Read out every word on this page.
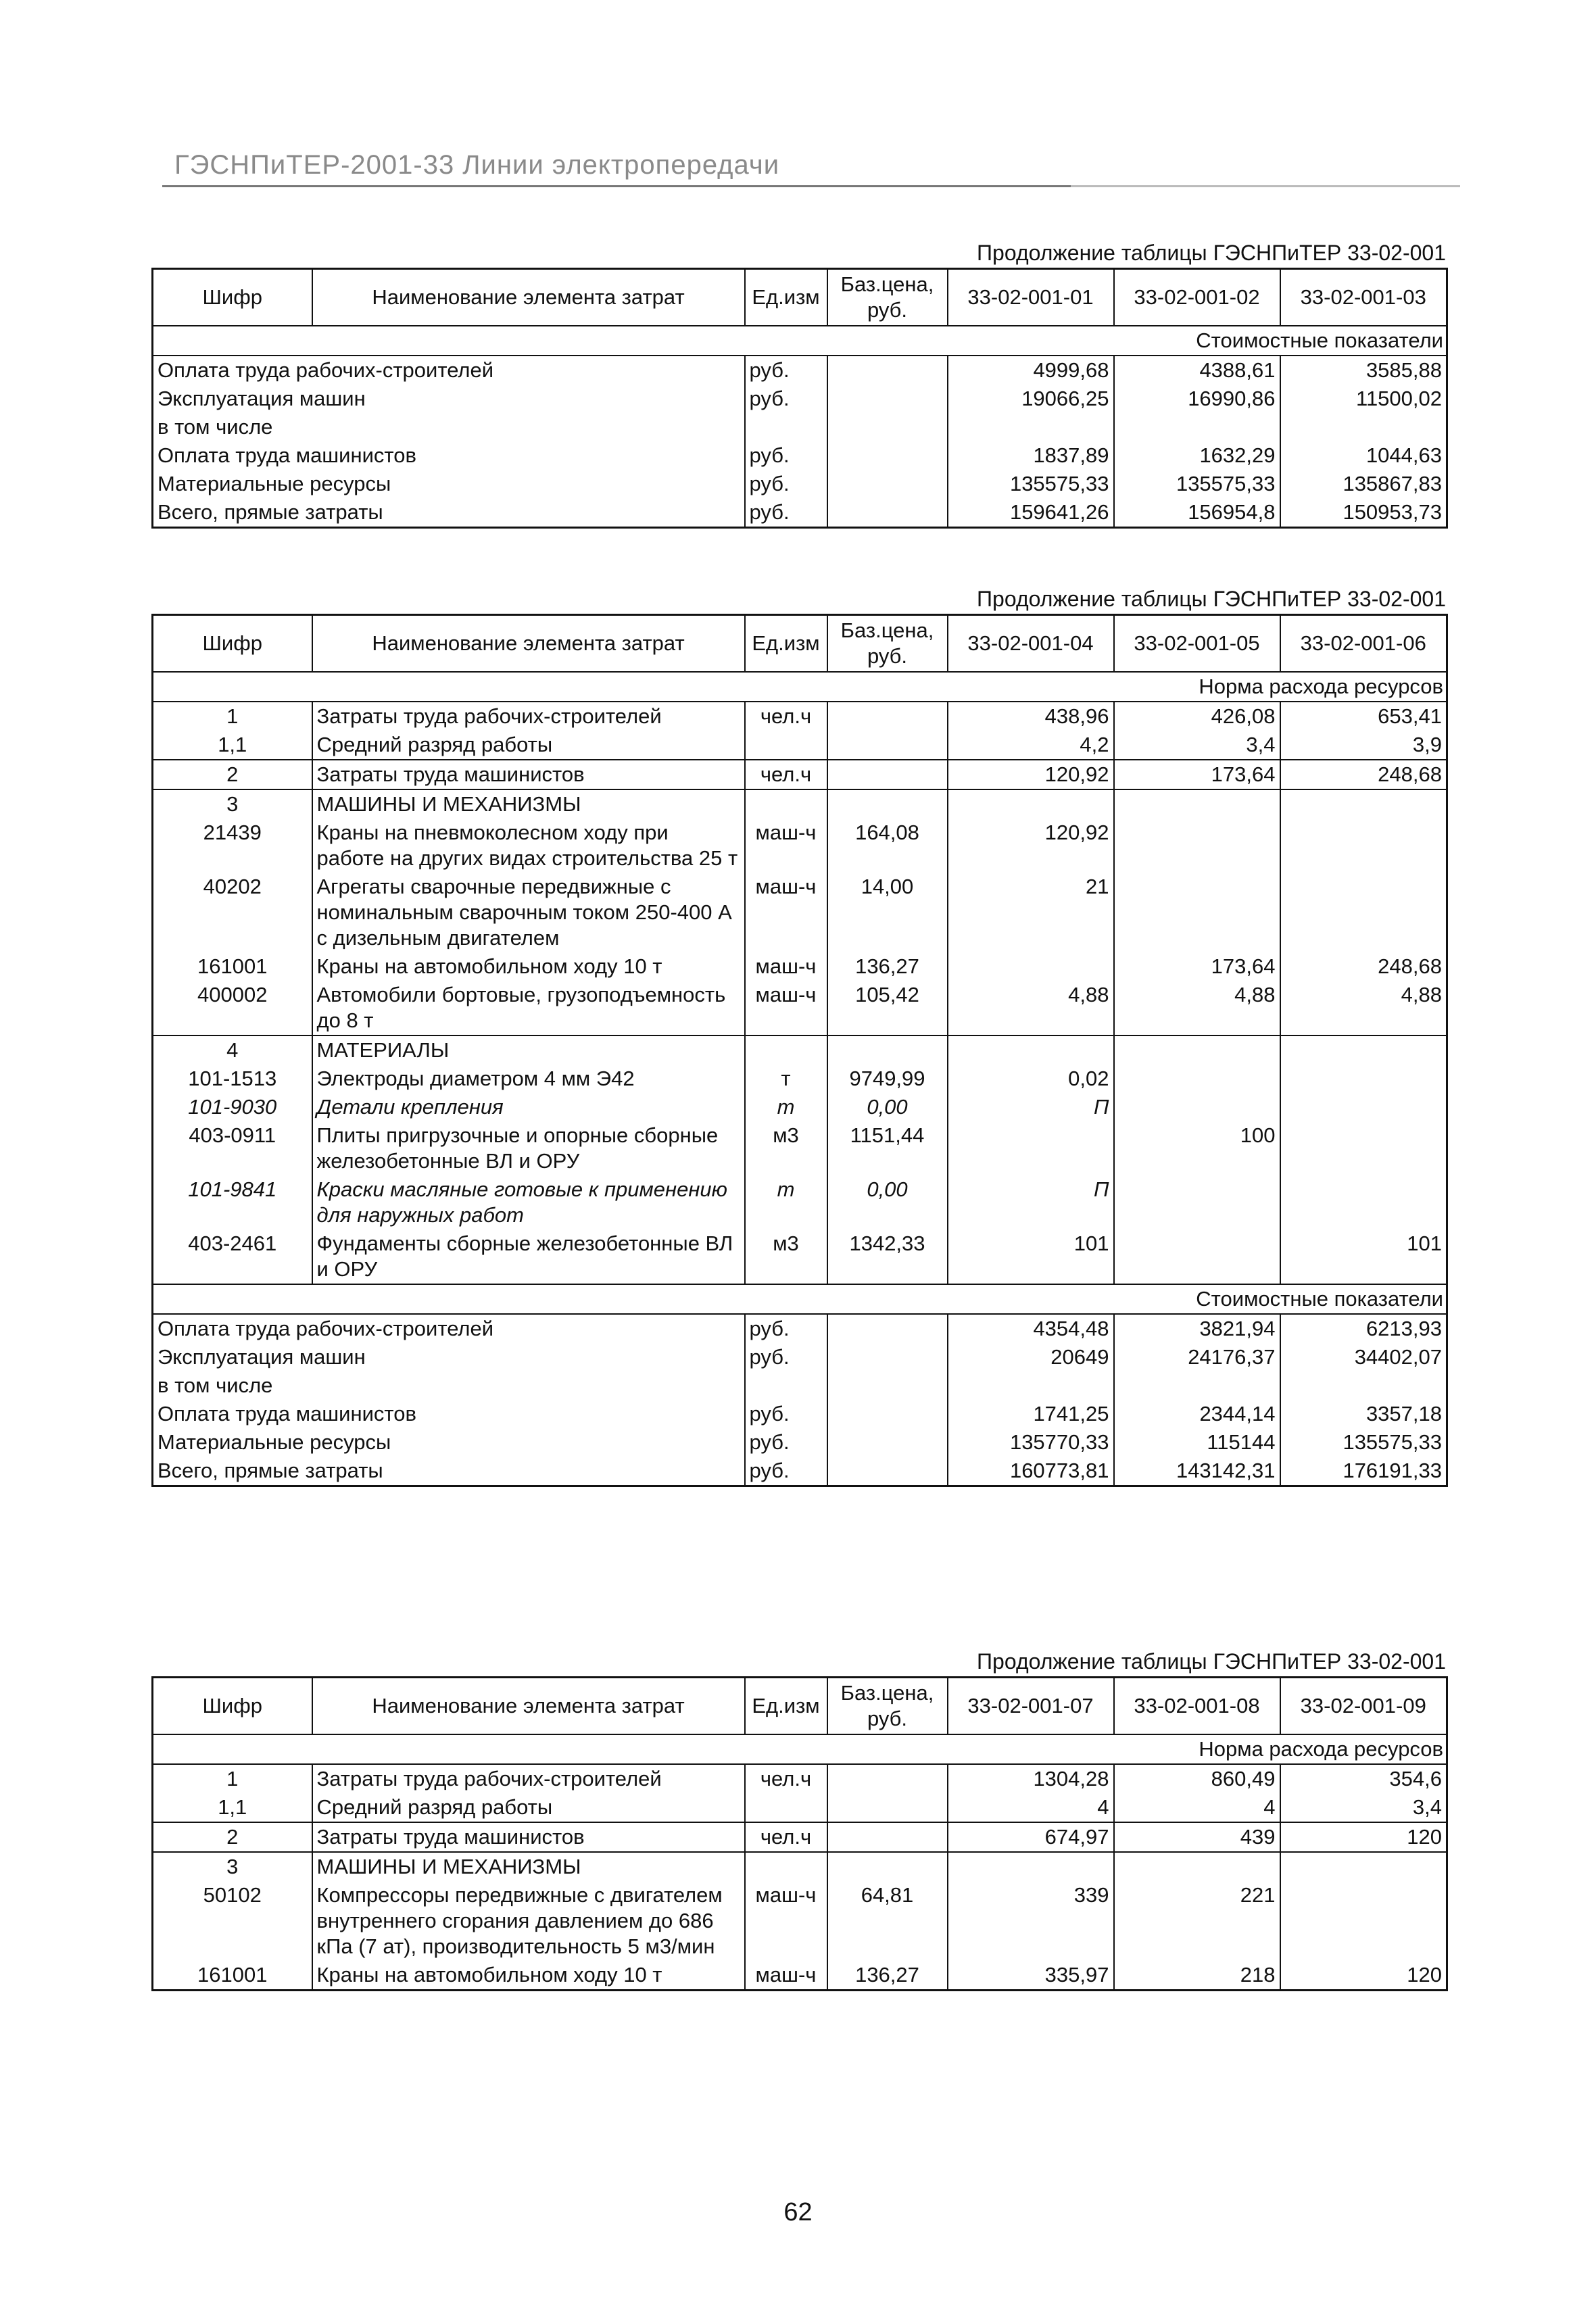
ГЭСНПиТЕР-2001-33 Линии электропередачи
Продолжение таблицы ГЭСНПиТЕР 33-02-001
Шифр	Наименование элемента затрат	Ед.изм	Баз.цена, руб.	33-02-001-01	33-02-001-02	33-02-001-03
Стоимостные показатели						
Оплата труда рабочих-строителей		руб.		4999,68	4388,61	3585,88
Эксплуатация машин		руб.		19066,25	16990,86	11500,02
в том числе						
Оплата труда машинистов		руб.		1837,89	1632,29	1044,63
Материальные ресурсы		руб.		135575,33	135575,33	135867,83
Всего, прямые затраты		руб.		159641,26	156954,8	150953,73
Продолжение таблицы ГЭСНПиТЕР 33-02-001
Шифр	Наименование элемента затрат	Ед.изм	Баз.цена, руб.	33-02-001-04	33-02-001-05	33-02-001-06
Норма расхода ресурсов						
1	Затраты труда рабочих-строителей	чел.ч		438,96	426,08	653,41
1,1	Средний разряд работы			4,2	3,4	3,9
2	Затраты труда машинистов	чел.ч		120,92	173,64	248,68
3	МАШИНЫ И МЕХАНИЗМЫ					
21439	Краны на пневмоколесном ходу при работе на других видах строительства 25 т	маш-ч	164,08	120,92		
40202	Агрегаты сварочные передвижные с номинальным сварочным током 250-400 А с дизельным двигателем	маш-ч	14,00	21		
161001	Краны на автомобильном ходу 10 т	маш-ч	136,27		173,64	248,68
400002	Автомобили бортовые, грузоподъемность до 8 т	маш-ч	105,42	4,88	4,88	4,88
4	МАТЕРИАЛЫ					
101-1513	Электроды диаметром 4 мм Э42	т	9749,99	0,02		
101-9030	Детали крепления	т	0,00	П		
403-0911	Плиты пригрузочные и опорные сборные железобетонные ВЛ и ОРУ	м3	1151,44		100	
101-9841	Краски масляные готовые к применению для наружных работ	т	0,00	П		
403-2461	Фундаменты сборные железобетонные ВЛ и ОРУ	м3	1342,33	101		101
Стоимостные показатели						
Оплата труда рабочих-строителей		руб.		4354,48	3821,94	6213,93
Эксплуатация машин		руб.		20649	24176,37	34402,07
в том числе						
Оплата труда машинистов		руб.		1741,25	2344,14	3357,18
Материальные ресурсы		руб.		135770,33	115144	135575,33
Всего, прямые затраты		руб.		160773,81	143142,31	176191,33
Продолжение таблицы ГЭСНПиТЕР 33-02-001
Шифр	Наименование элемента затрат	Ед.изм	Баз.цена, руб.	33-02-001-07	33-02-001-08	33-02-001-09
Норма расхода ресурсов						
1	Затраты труда рабочих-строителей	чел.ч		1304,28	860,49	354,6
1,1	Средний разряд работы			4	4	3,4
2	Затраты труда машинистов	чел.ч		674,97	439	120
3	МАШИНЫ И МЕХАНИЗМЫ					
50102	Компрессоры передвижные с двигателем внутреннего сгорания давлением до 686 кПа (7 ат), производительность 5 м3/мин	маш-ч	64,81	339	221	
161001	Краны на автомобильном ходу 10 т	маш-ч	136,27	335,97	218	120
62
